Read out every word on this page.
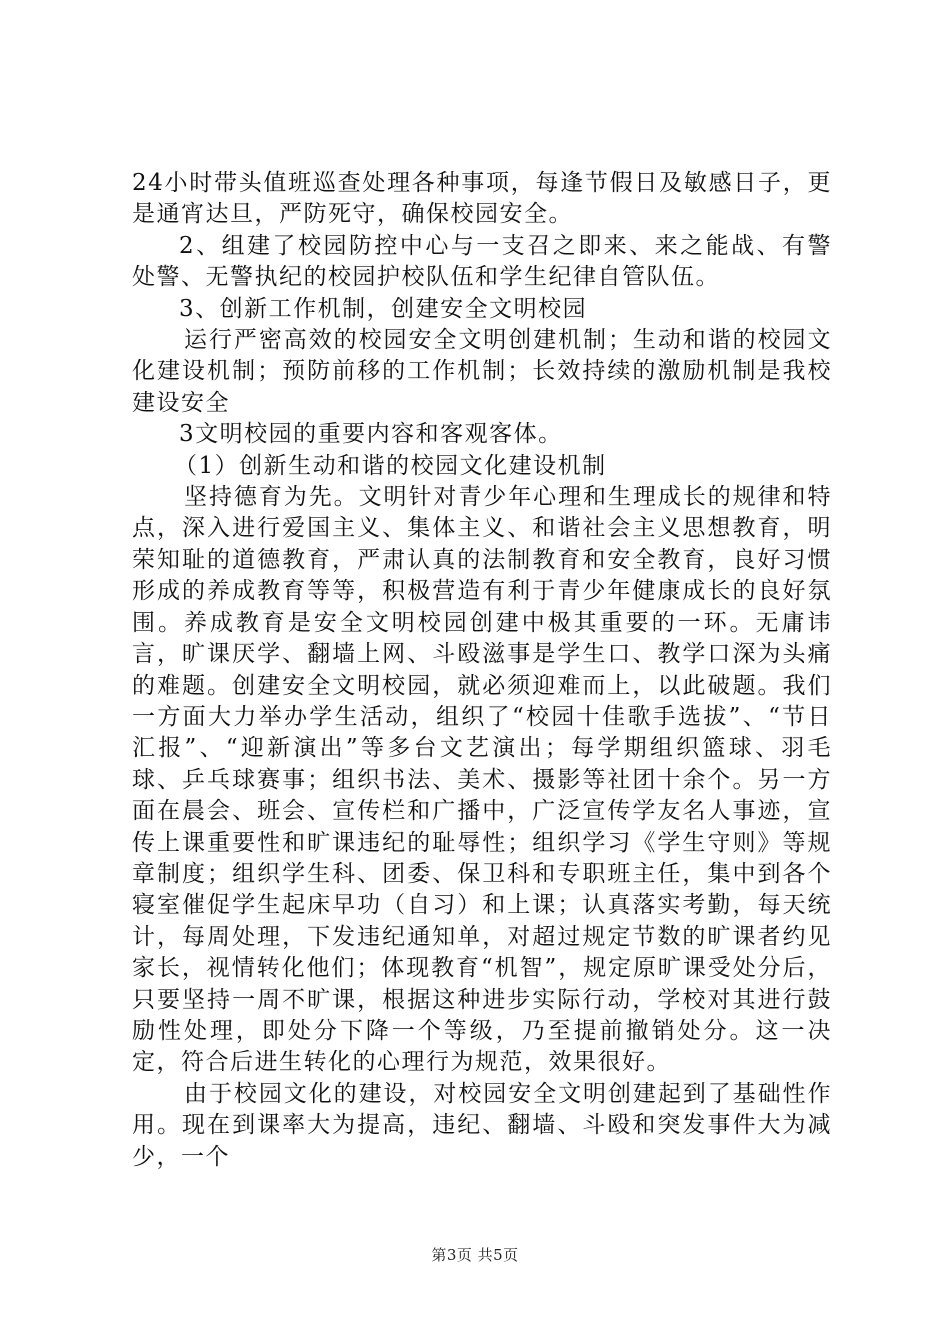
24小时带头值班巡查处理各种事项，每逢节假日及敏感日子，更是通宵达旦，严防死守，确保校园安全。

2、组建了校园防控中心与一支召之即来、来之能战、有警处警、无警执纪的校园护校队伍和学生纪律自管队伍。

3、创新工作机制，创建安全文明校园

运行严密高效的校园安全文明创建机制；生动和谐的校园文化建设机制；预防前移的工作机制；长效持续的激励机制是我校建设安全

3文明校园的重要内容和客观客体。

（1）创新生动和谐的校园文化建设机制

坚持德育为先。文明针对青少年心理和生理成长的规律和特点，深入进行爱国主义、集体主义、和谐社会主义思想教育，明荣知耻的道德教育，严肃认真的法制教育和安全教育，良好习惯形成的养成教育等等，积极营造有利于青少年健康成长的良好氛围。养成教育是安全文明校园创建中极其重要的一环。无庸讳言，旷课厌学、翻墙上网、斗殴滋事是学生口、教学口深为头痛的难题。创建安全文明校园，就必须迎难而上，以此破题。我们一方面大力举办学生活动，组织了“校园十佳歌手选拔”、“节日汇报”、“迎新演出”等多台文艺演出；每学期组织篮球、羽毛球、乒乓球赛事；组织书法、美术、摄影等社团十余个。另一方面在晨会、班会、宣传栏和广播中，广泛宣传学友名人事迹，宣传上课重要性和旷课违纪的耻辱性；组织学习《学生守则》等规章制度；组织学生科、团委、保卫科和专职班主任，集中到各个寝室催促学生起床早功（自习）和上课；认真落实考勤，每天统计，每周处理，下发违纪通知单，对超过规定节数的旷课者约见家长，视情转化他们；体现教育“机智”，规定原旷课受处分后，只要坚持一周不旷课，根据这种进步实际行动，学校对其进行鼓励性处理，即处分下降一个等级，乃至提前撤销处分。这一决定，符合后进生转化的心理行为规范，效果很好。

由于校园文化的建设，对校园安全文明创建起到了基础性作用。现在到课率大为提高，违纪、翻墙、斗殴和突发事件大为减少，一个

第3页 共5页
